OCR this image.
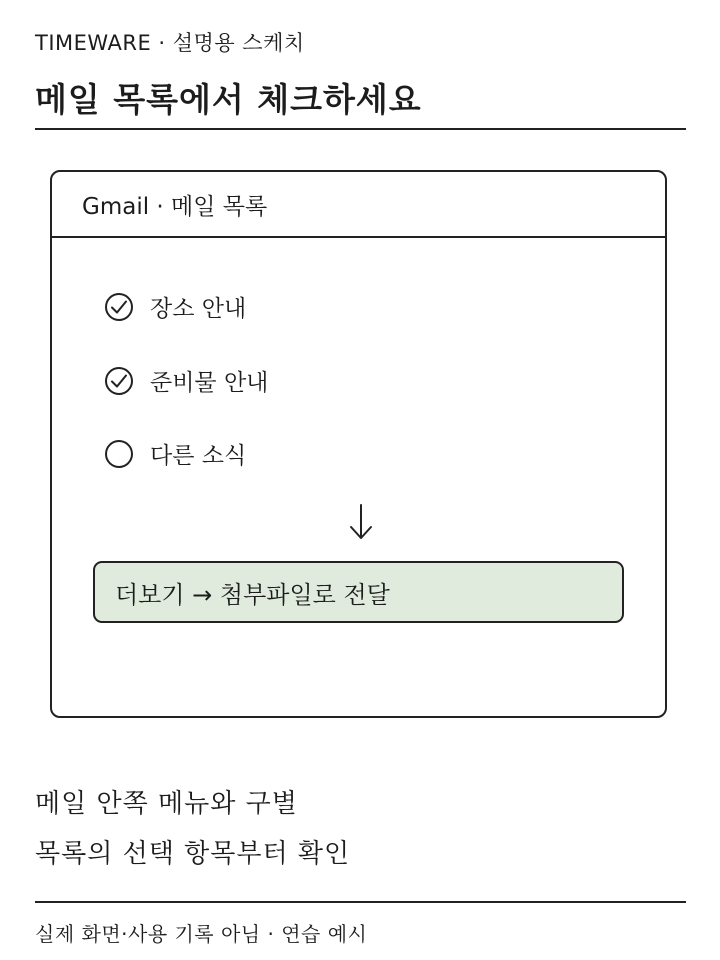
TIMEWARE · 설명용 스케치
메일 목록에서 체크하세요
Gmail · 메일 목록
장소 안내
준비물 안내
다른 소식
더보기 → 첨부파일로 전달
메일 안쪽 메뉴와 구별
목록의 선택 항목부터 확인
실제 화면·사용 기록 아님 · 연습 예시
